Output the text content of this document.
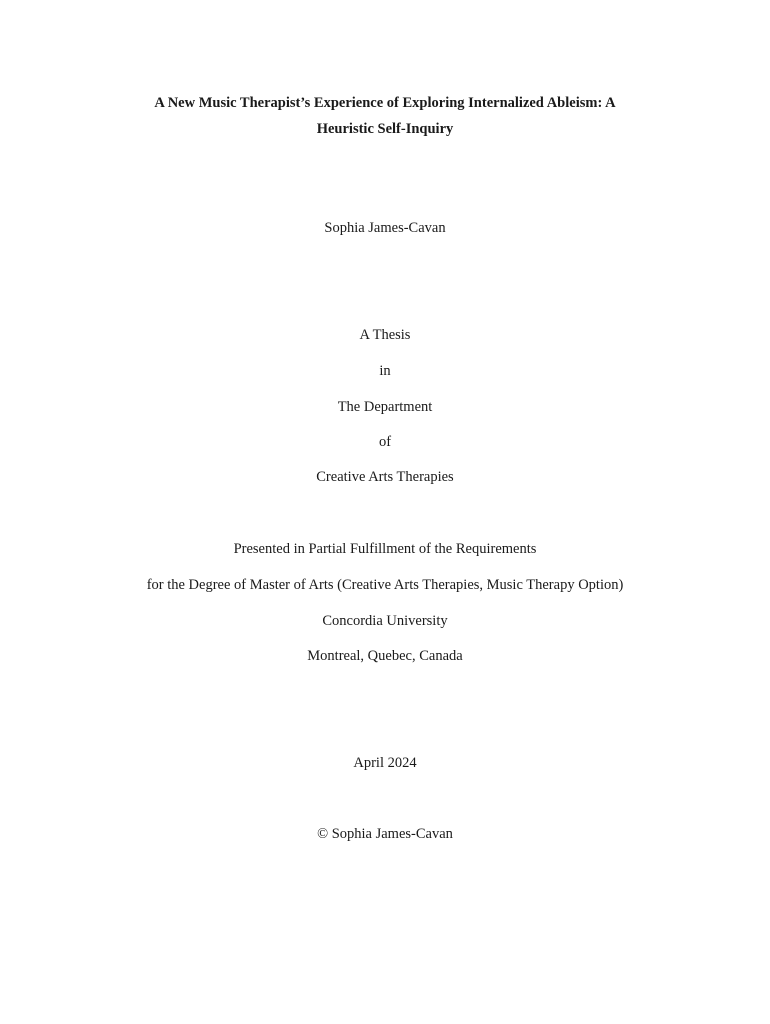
A New Music Therapist’s Experience of Exploring Internalized Ableism: A
Heuristic Self-Inquiry
Sophia James-Cavan
A Thesis
in
The Department
of
Creative Arts Therapies
Presented in Partial Fulfillment of the Requirements
for the Degree of Master of Arts (Creative Arts Therapies, Music Therapy Option)
Concordia University
Montreal, Quebec, Canada
April 2024
© Sophia James-Cavan
